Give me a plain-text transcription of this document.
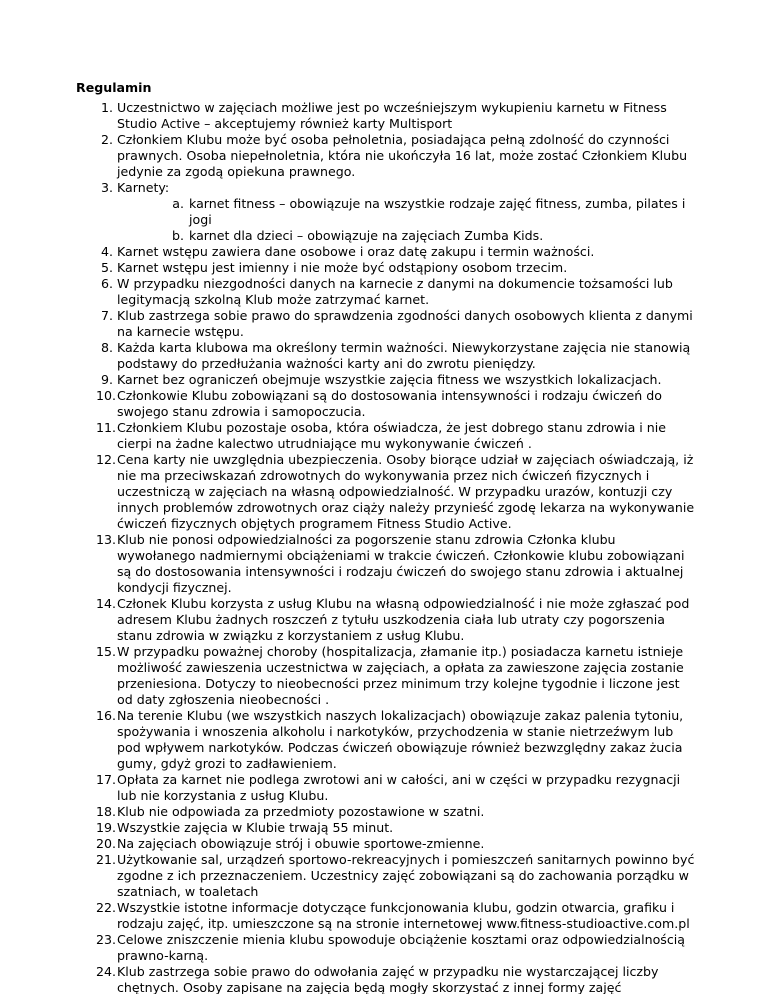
Regulamin
1. Uczestnictwo w zajęciach możliwe jest po wcześniejszym wykupieniu karnetu w Fitness Studio Active – akceptujemy również karty Multisport
2. Członkiem Klubu może być osoba pełnoletnia, posiadająca pełną zdolność do czynności prawnych. Osoba niepełnoletnia, która nie ukończyła 16 lat, może zostać Członkiem Klubu jedynie za zgodą opiekuna prawnego.
3. Karnety:
a. karnet fitness – obowiązuje na wszystkie rodzaje zajęć fitness, zumba, pilates i jogi
b. karnet dla dzieci – obowiązuje na zajęciach Zumba Kids.
4. Karnet wstępu zawiera dane osobowe i oraz datę zakupu i termin ważności.
5. Karnet wstępu jest imienny i nie może być odstąpiony osobom trzecim.
6. W przypadku niezgodności danych na karnecie z danymi na dokumencie tożsamości lub legitymacją szkolną Klub może zatrzymać karnet.
7. Klub zastrzega sobie prawo do sprawdzenia zgodności danych osobowych klienta z danymi na karnecie wstępu.
8. Każda karta klubowa ma określony termin ważności. Niewykorzystane zajęcia nie stanowią podstawy do przedłużania ważności karty ani do zwrotu pieniędzy.
9. Karnet bez ograniczeń obejmuje wszystkie zajęcia fitness we wszystkich lokalizacjach.
10. Członkowie Klubu zobowiązani są do dostosowania intensywności i rodzaju ćwiczeń do swojego stanu zdrowia i samopoczucia.
11. Członkiem Klubu pozostaje osoba, która oświadcza, że jest dobrego stanu zdrowia i nie cierpi na żadne kalectwo utrudniające mu wykonywanie ćwiczeń .
12. Cena karty nie uwzględnia ubezpieczenia. Osoby biorące udział w zajęciach oświadczają, iż nie ma przeciwskazań zdrowotnych do wykonywania przez nich ćwiczeń fizycznych i uczestniczą w zajęciach na własną odpowiedzialność. W przypadku urazów, kontuzji czy innych problemów zdrowotnych oraz ciąży należy przynieść zgodę lekarza na wykonywanie ćwiczeń fizycznych objętych programem Fitness Studio Active.
13. Klub nie ponosi odpowiedzialności za pogorszenie stanu zdrowia Członka klubu wywołanego nadmiernymi obciążeniami w trakcie ćwiczeń. Członkowie klubu zobowiązani są do dostosowania intensywności i rodzaju ćwiczeń do swojego stanu zdrowia i aktualnej kondycji fizycznej.
14. Członek Klubu korzysta z usług Klubu na własną odpowiedzialność i nie może zgłaszać pod adresem Klubu żadnych roszczeń z tytułu uszkodzenia ciała lub utraty czy pogorszenia stanu zdrowia w związku z korzystaniem z usług Klubu.
15. W przypadku poważnej choroby (hospitalizacja, złamanie itp.) posiadacza karnetu istnieje możliwość zawieszenia uczestnictwa w zajęciach, a opłata za zawieszone zajęcia zostanie przeniesiona. Dotyczy to nieobecności przez minimum trzy kolejne tygodnie i liczone jest od daty zgłoszenia nieobecności .
16. Na terenie Klubu (we wszystkich naszych lokalizacjach) obowiązuje zakaz palenia tytoniu, spożywania i wnoszenia alkoholu i narkotyków, przychodzenia w stanie nietrzeźwym lub pod wpływem narkotyków. Podczas ćwiczeń obowiązuje również bezwzględny zakaz żucia gumy, gdyż grozi to zadławieniem.
17. Opłata za karnet nie podlega zwrotowi ani w całości, ani w części w przypadku rezygnacji lub nie korzystania z usług Klubu.
18. Klub nie odpowiada za przedmioty pozostawione w szatni.
19. Wszystkie zajęcia w Klubie trwają 55 minut.
20. Na zajęciach obowiązuje strój i obuwie sportowe-zmienne.
21. Użytkowanie sal, urządzeń sportowo-rekreacyjnych i pomieszczeń sanitarnych powinno być zgodne z ich przeznaczeniem. Uczestnicy zajęć zobowiązani są do zachowania porządku w szatniach, w toaletach
22. Wszystkie istotne informacje dotyczące funkcjonowania klubu, godzin otwarcia, grafiku i rodzaju zajęć, itp. umieszczone są na stronie internetowej www.fitness-studioactive.com.pl
23. Celowe zniszczenie mienia klubu spowoduje obciążenie kosztami oraz odpowiedzialnością prawno-karną.
24. Klub zastrzega sobie prawo do odwołania zajęć w przypadku nie wystarczającej liczby chętnych. Osoby zapisane na zajęcia będą mogły skorzystać z innej formy zajęć
